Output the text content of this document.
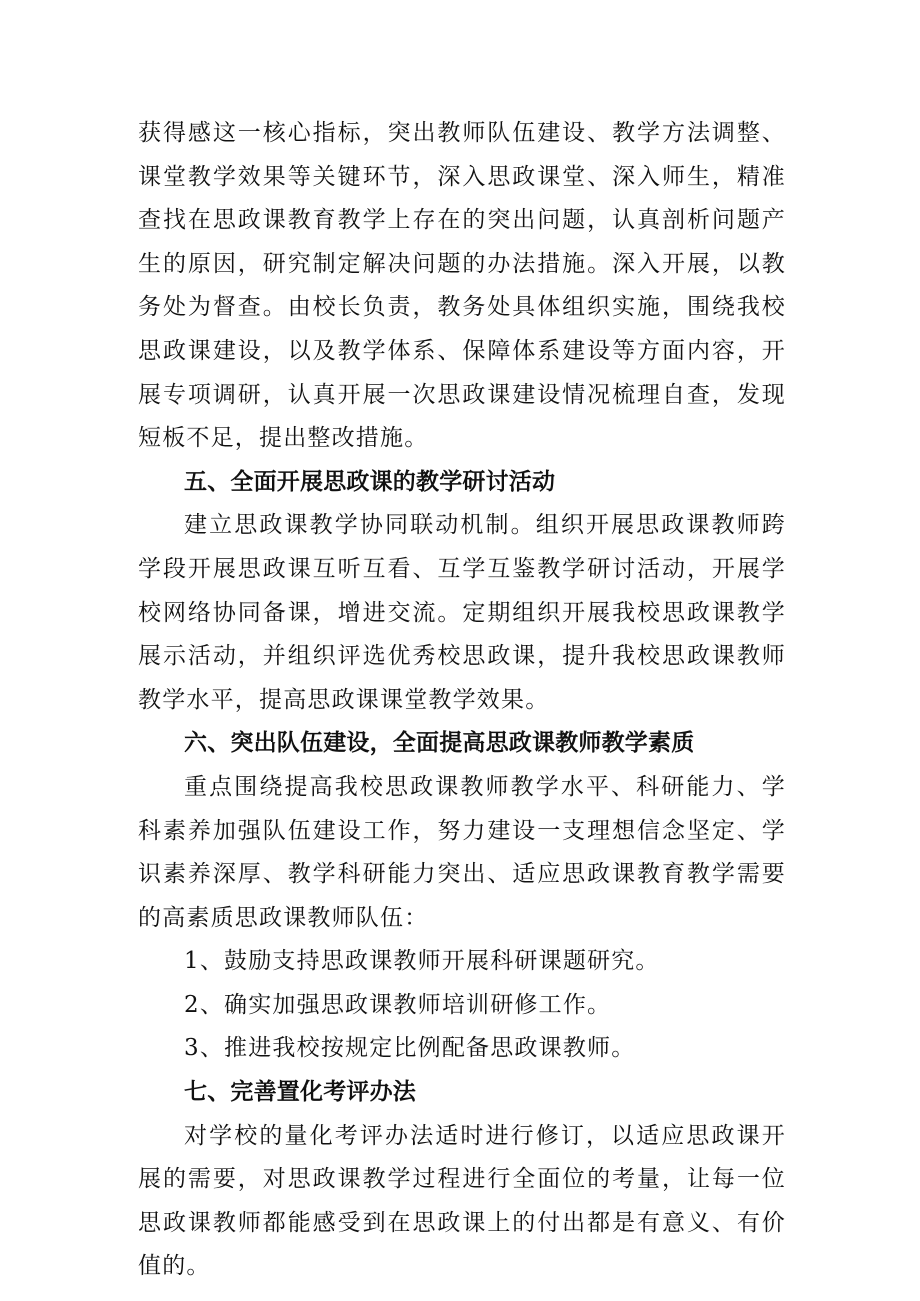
获得感这一核心指标，突出教师队伍建设、教学方法调整、课堂教学效果等关键环节，深入思政课堂、深入师生，精准查找在思政课教育教学上存在的突出问题，认真剖析问题产生的原因，研究制定解决问题的办法措施。深入开展，以教务处为督查。由校长负责，教务处具体组织实施，围绕我校思政课建设，以及教学体系、保障体系建设等方面内容，开展专项调研，认真开展一次思政课建设情况梳理自查，发现短板不足，提出整改措施。

五、全面开展思政课的教学研讨活动

建立思政课教学协同联动机制。组织开展思政课教师跨学段开展思政课互听互看、互学互鉴教学研讨活动，开展学校网络协同备课，增进交流。定期组织开展我校思政课教学展示活动，并组织评选优秀校思政课，提升我校思政课教师教学水平，提高思政课课堂教学效果。

六、突出队伍建设，全面提高思政课教师教学素质

重点围绕提高我校思政课教师教学水平、科研能力、学科素养加强队伍建设工作，努力建设一支理想信念坚定、学识素养深厚、教学科研能力突出、适应思政课教育教学需要的高素质思政课教师队伍：

1、鼓励支持思政课教师开展科研课题研究。

2、确实加强思政课教师培训研修工作。

3、推进我校按规定比例配备思政课教师。

七、完善置化考评办法

对学校的量化考评办法适时进行修订，以适应思政课开展的需要，对思政课教学过程进行全面位的考量，让每一位思政课教师都能感受到在思政课上的付出都是有意义、有价值的。
